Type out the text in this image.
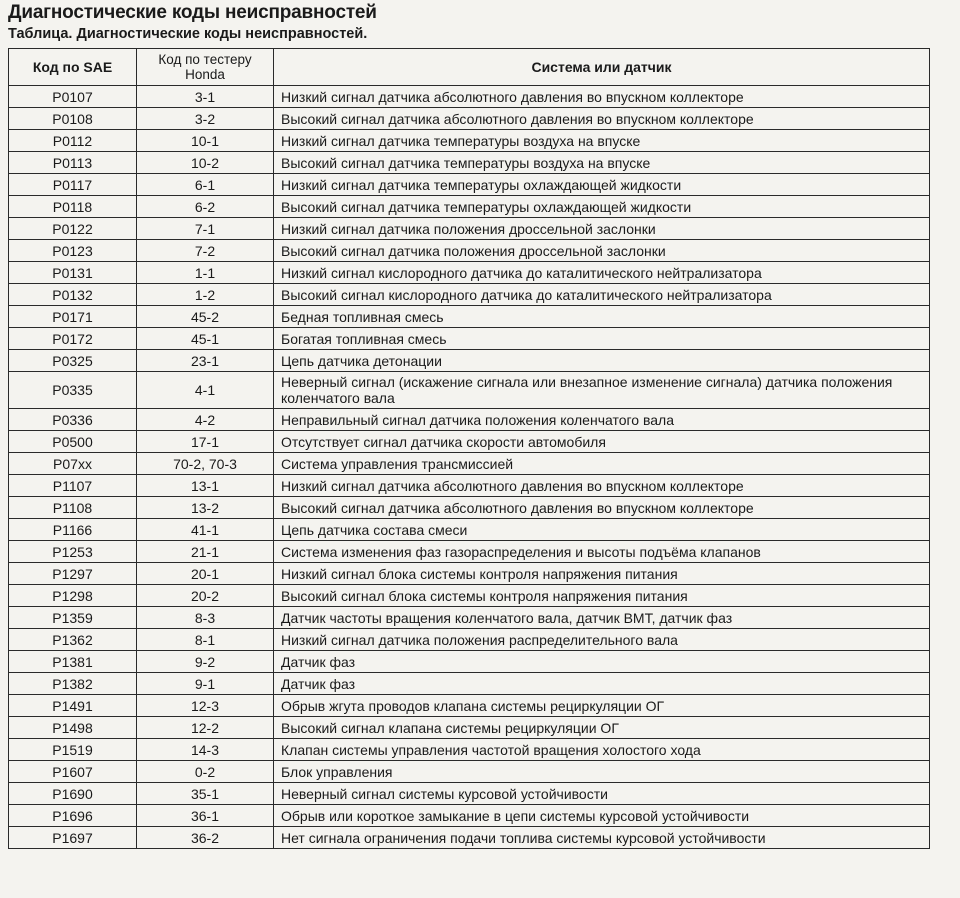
Диагностические коды неисправностей
Таблица. Диагностические коды неисправностей.
Код по SAE	Код по тестеру Honda	Система или датчик
P0107	3-1	Низкий сигнал датчика абсолютного давления во впускном коллекторе
P0108	3-2	Высокий сигнал датчика абсолютного давления во впускном коллекторе
P0112	10-1	Низкий сигнал датчика температуры воздуха на впуске
P0113	10-2	Высокий сигнал датчика температуры воздуха на впуске
P0117	6-1	Низкий сигнал датчика температуры охлаждающей жидкости
P0118	6-2	Высокий сигнал датчика температуры охлаждающей жидкости
P0122	7-1	Низкий сигнал датчика положения дроссельной заслонки
P0123	7-2	Высокий сигнал датчика положения дроссельной заслонки
P0131	1-1	Низкий сигнал кислородного датчика до каталитического нейтрализатора
P0132	1-2	Высокий сигнал кислородного датчика до каталитического нейтрализатора
P0171	45-2	Бедная топливная смесь
P0172	45-1	Богатая топливная смесь
P0325	23-1	Цепь датчика детонации
P0335	4-1	Неверный сигнал (искажение сигнала или внезапное изменение сигнала) датчика положения коленчатого вала
P0336	4-2	Неправильный сигнал датчика положения коленчатого вала
P0500	17-1	Отсутствует сигнал датчика скорости автомобиля
P07xx	70-2, 70-3	Система управления трансмиссией
P1107	13-1	Низкий сигнал датчика абсолютного давления во впускном коллекторе
P1108	13-2	Высокий сигнал датчика абсолютного давления во впускном коллекторе
P1166	41-1	Цепь датчика состава смеси
P1253	21-1	Система изменения фаз газораспределения и высоты подъёма клапанов
P1297	20-1	Низкий сигнал блока системы контроля напряжения питания
P1298	20-2	Высокий сигнал блока системы контроля напряжения питания
P1359	8-3	Датчик частоты вращения коленчатого вала, датчик ВМТ, датчик фаз
P1362	8-1	Низкий сигнал датчика положения распределительного вала
P1381	9-2	Датчик фаз
P1382	9-1	Датчик фаз
P1491	12-3	Обрыв жгута проводов клапана системы рециркуляции ОГ
P1498	12-2	Высокий сигнал клапана системы рециркуляции ОГ
P1519	14-3	Клапан системы управления частотой вращения холостого хода
P1607	0-2	Блок управления
P1690	35-1	Неверный сигнал системы курсовой устойчивости
P1696	36-1	Обрыв или короткое замыкание в цепи системы курсовой устойчивости
P1697	36-2	Нет сигнала ограничения подачи топлива системы курсовой устойчивости
